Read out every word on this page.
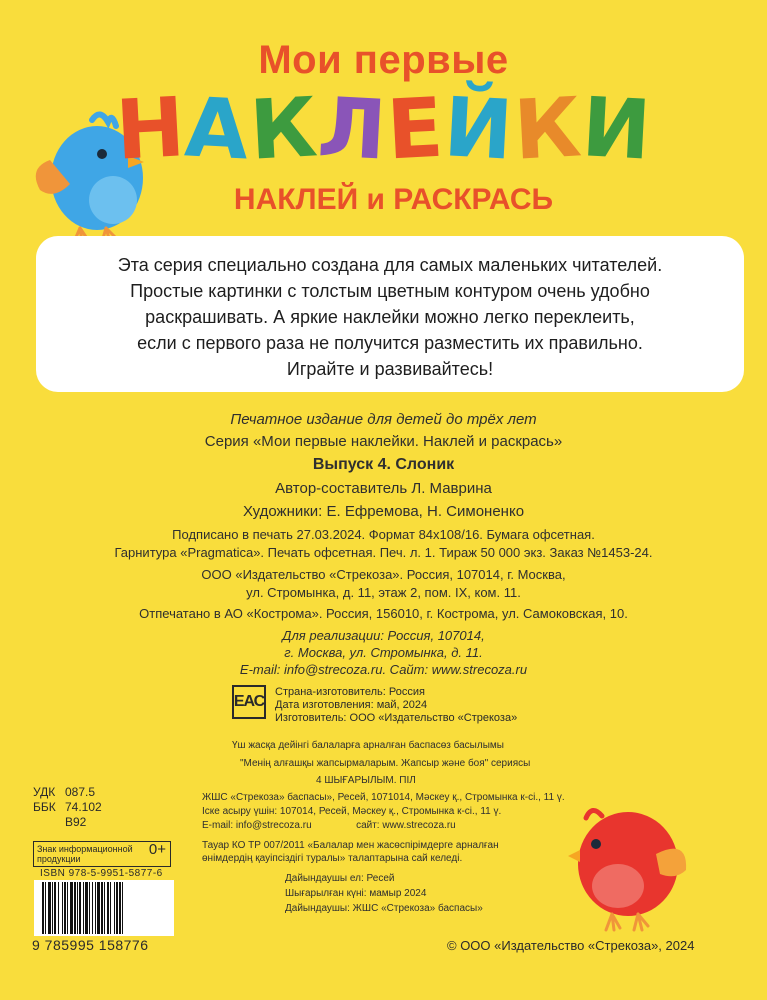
Мои первые
НАКЛЕЙКИ
НАКЛЕЙ и РАСКРАСЬ
Эта серия специально создана для самых маленьких читателей.
Простые картинки с толстым цветным контуром очень удобно
раскрашивать. А яркие наклейки можно легко переклеить,
если с первого раза не получится разместить их правильно.
Играйте и развивайтесь!
Печатное издание для детей до трёх лет
Серия «Мои первые наклейки. Наклей и раскрась»
Выпуск 4. Слоник
Автор-составитель Л. Маврина
Художники: Е. Ефремова, Н. Симоненко
Подписано в печать 27.03.2024. Формат 84х108/16. Бумага офсетная.
Гарнитура «Pragmatica». Печать офсетная. Печ. л. 1. Тираж 50 000 экз. Заказ №1453-24.
ООО «Издательство «Стрекоза». Россия, 107014, г. Москва,
ул. Стромынка, д. 11, этаж 2, пом. IX, ком. 11.
Отпечатано в АО «Кострома». Россия, 156010, г. Кострома, ул. Самоковская, 10.
Для реализации: Россия, 107014,
г. Москва, ул. Стромынка, д. 11.
E-mail: info@strecoza.ru. Сайт: www.strecoza.ru
ЕАС
Страна-изготовитель: Россия
Дата изготовления: май, 2024
Изготовитель: ООО «Издательство «Стрекоза»
Үш жасқа дейінгі балаларға арналған баспасөз басылымы
"Менің алғашқы жапсырмаларым. Жапсыр және боя" сериясы
4 ШЫҒАРЫЛЫМ. ПІЛ
ЖШС «Стрекоза» баспасы», Ресей, 1071014, Мәскеу қ., Стромынка к-сі., 11 ү.
Іске асыру үшін: 107014, Ресей, Мәскеу қ., Стромынка к-сі., 11 ү.
E-mail: info@strecoza.ru                сайт: www.strecoza.ru
Тауар КО ТР 007/2011 «Балалар мен жасөспірімдерге арналған
өнімдердің қауіпсіздігі туралы» талаптарына сай келеді.
Дайындаушы ел: Ресей
Шығарылған күні: мамыр 2024
Дайындаушы: ЖШС «Стрекоза» баспасы»
УДК 087.5
ББК 74.102
В92
Знак информационной продукции
0+
ISBN 978-5-9951-5877-6
9 785995 158776	© ООО «Издательство «Стрекоза», 2024
